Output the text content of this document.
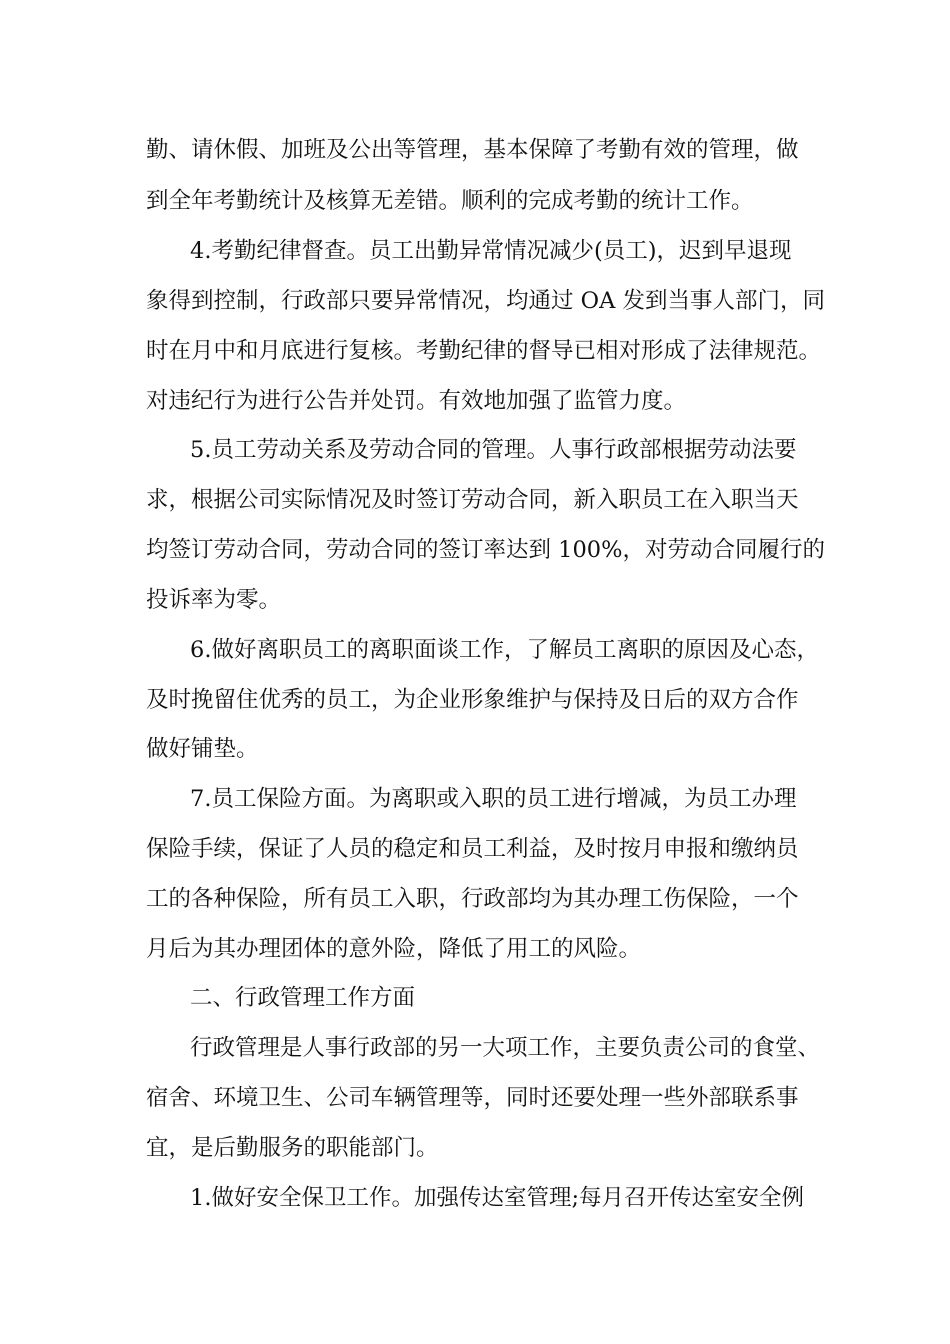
勤、请休假、加班及公出等管理，基本保障了考勤有效的管理，做
到全年考勤统计及核算无差错。顺利的完成考勤的统计工作。
4.考勤纪律督查。员工出勤异常情况减少(员工)，迟到早退现
象得到控制，行政部只要异常情况，均通过 OA 发到当事人部门，同
时在月中和月底进行复核。考勤纪律的督导已相对形成了法律规范。
对违纪行为进行公告并处罚。有效地加强了监管力度。
5.员工劳动关系及劳动合同的管理。人事行政部根据劳动法要
求，根据公司实际情况及时签订劳动合同，新入职员工在入职当天
均签订劳动合同，劳动合同的签订率达到 100%，对劳动合同履行的
投诉率为零。
6.做好离职员工的离职面谈工作，了解员工离职的原因及心态，
及时挽留住优秀的员工，为企业形象维护与保持及日后的双方合作
做好铺垫。
7.员工保险方面。为离职或入职的员工进行增减，为员工办理
保险手续，保证了人员的稳定和员工利益，及时按月申报和缴纳员
工的各种保险，所有员工入职，行政部均为其办理工伤保险，一个
月后为其办理团体的意外险，降低了用工的风险。
二、行政管理工作方面
行政管理是人事行政部的另一大项工作，主要负责公司的食堂、
宿舍、环境卫生、公司车辆管理等，同时还要处理一些外部联系事
宜，是后勤服务的职能部门。
1.做好安全保卫工作。加强传达室管理;每月召开传达室安全例
